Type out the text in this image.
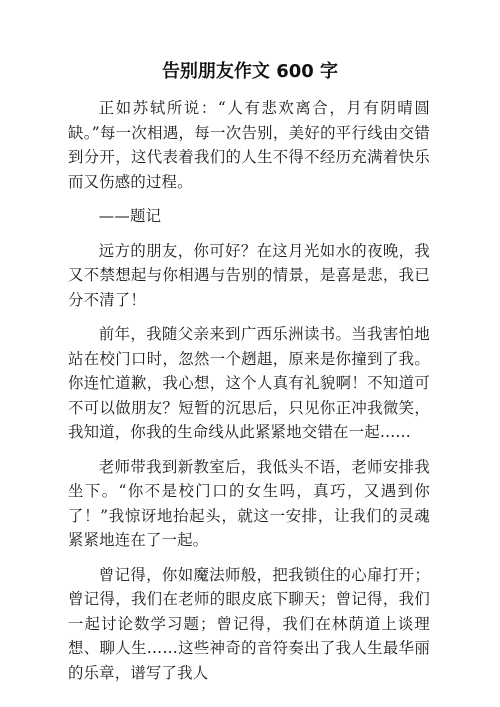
告别朋友作文 600 字

正如苏轼所说：“人有悲欢离合，月有阴晴圆缺。”每一次相遇，每一次告别，美好的平行线由交错到分开，这代表着我们的人生不得不经历充满着快乐而又伤感的过程。

——题记

远方的朋友，你可好？在这月光如水的夜晚，我又不禁想起与你相遇与告别的情景，是喜是悲，我已分不清了！

前年，我随父亲来到广西乐洲读书。当我害怕地站在校门口时，忽然一个趔趄，原来是你撞到了我。你连忙道歉，我心想，这个人真有礼貌啊！不知道可不可以做朋友？短暂的沉思后，只见你正冲我微笑，我知道，你我的生命线从此紧紧地交错在一起……

老师带我到新教室后，我低头不语，老师安排我坐下。“你不是校门口的女生吗，真巧，又遇到你了！”我惊讶地抬起头，就这一安排，让我们的灵魂紧紧地连在了一起。

曾记得，你如魔法师般，把我锁住的心扉打开；曾记得，我们在老师的眼皮底下聊天；曾记得，我们一起讨论数学习题；曾记得，我们在林荫道上谈理想、聊人生……这些神奇的音符奏出了我人生最华丽的乐章，谱写了我人
